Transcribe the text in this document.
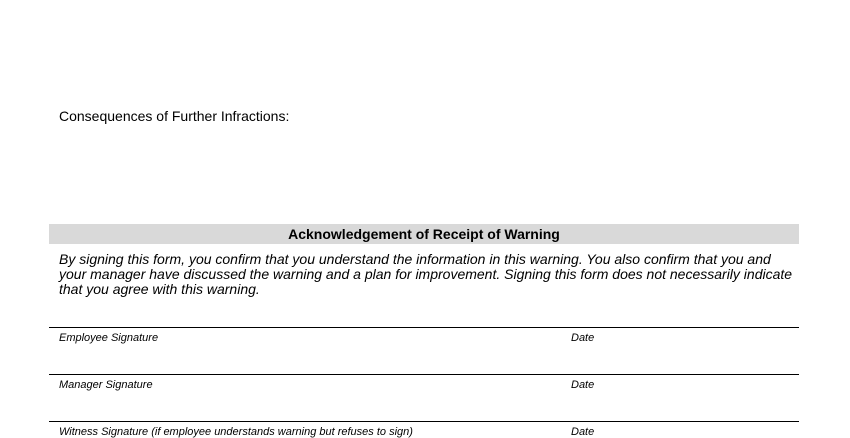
Consequences of Further Infractions:
Acknowledgement of Receipt of Warning
By signing this form, you confirm that you understand the information in this warning. You also confirm that you and your manager have discussed the warning and a plan for improvement. Signing this form does not necessarily indicate that you agree with this warning.
Employee Signature	Date
Manager Signature	Date
Witness Signature (if employee understands warning but refuses to sign)	Date
